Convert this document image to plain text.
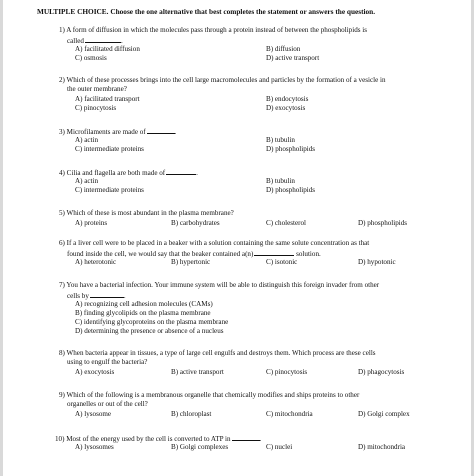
MULTIPLE CHOICE. Choose the one alternative that best completes the statement or answers the question.
1) A form of diffusion in which the molecules pass through a protein instead of between the phospholipids is
called	.
A) facilitated diffusion	B) diffusion
C) osmosis	D) active transport
2) Which of these processes brings into the cell large macromolecules and particles by the formation of a vesicle in
the outer membrane?
A) facilitated transport	B) endocytosis
C) pinocytosis	D) exocytosis
3) Microfilaments are made of	.
A) actin	B) tubulin
C) intermediate proteins	D) phospholipids
4) Cilia and flagella are both made of	.
A) actin	B) tubulin
C) intermediate proteins	D) phospholipids
5) Which of these is most abundant in the plasma membrane?
A) proteins	B) carbohydrates	C) cholesterol	D) phospholipids
6) If a liver cell were to be placed in a beaker with a solution containing the same solute concentration as that
found inside the cell, we would say that the beaker contained a(n)	solution.
A) heterotonic	B) hypertonic	C) isotonic	D) hypotonic
7) You have a bacterial infection. Your immune system will be able to distinguish this foreign invader from other
cells by	.
A) recognizing cell adhesion molecules (CAMs)
B) finding glycolipids on the plasma membrane
C) identifying glycoproteins on the plasma membrane
D) determining the presence or absence of a nucleus
8) When bacteria appear in tissues, a type of large cell engulfs and destroys them. Which process are these cells
using to engulf the bacteria?
A) exocytosis	B) active transport	C) pinocytosis	D) phagocytosis
9) Which of the following is a membranous organelle that chemically modifies and ships proteins to other
organelles or out of the cell?
A) lysosome	B) chloroplast	C) mitochondria	D) Golgi complex
10) Most of the energy used by the cell is converted to ATP in	.
A) lysosomes	B) Golgi complexes	C) nuclei	D) mitochondria
